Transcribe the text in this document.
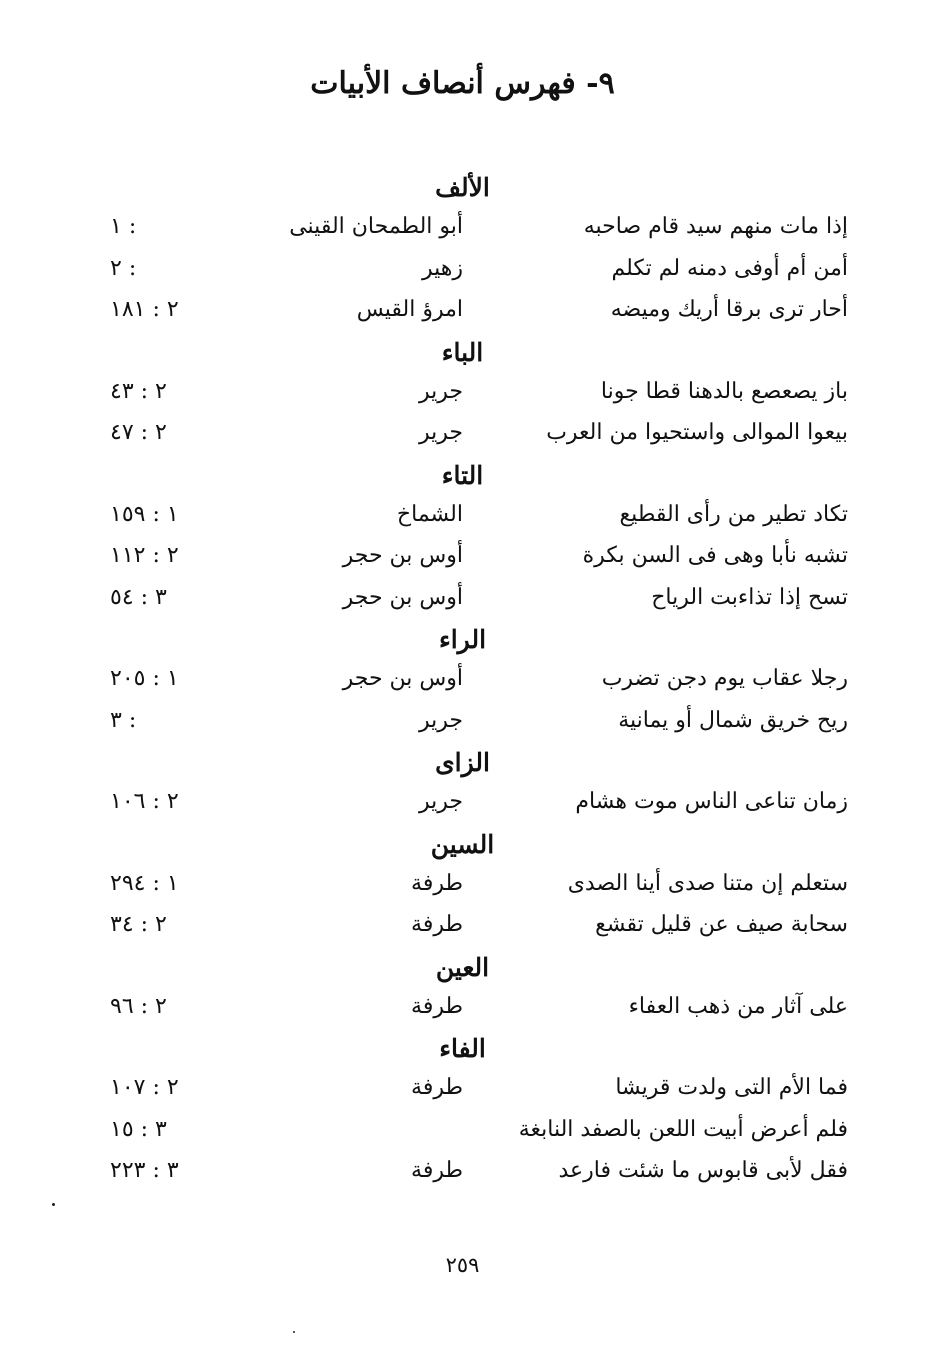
٩- فهرس أنصاف الأبيات
الألف
إذا مات منهم سيد قام صاحبه
أبو الطمحان القينى
١ :
أمن أم أوفى دمنه لم تكلم
زهير
٢ :
أحار ترى برقا أريك وميضه
امرؤ القيس
٢ : ١٨١
الباء
باز يصعصع بالدهنا قطا جونا
جرير
٢ : ٤٣
بيعوا الموالى واستحيوا من العرب
جرير
٢ : ٤٧
التاء
تكاد تطير من رأى القطيع
الشماخ
١ : ١٥٩
تشبه نأبا وهى فى السن بكرة
أوس بن حجر
٢ : ١١٢
تسح إذا تذاءبت الرياح
أوس بن حجر
٣ : ٥٤
الراء
رجلا عقاب يوم دجن تضرب
أوس بن حجر
١ : ٢٠٥
ريح خريق شمال أو يمانية
جرير
٣ :
الزاى
زمان تناعى الناس موت هشام
جرير
٢ : ١٠٦
السين
ستعلم إن متنا صدى أينا الصدى
طرفة
١ : ٢٩٤
سحابة صيف عن قليل تقشع
طرفة
٢ : ٣٤
العين
على آثار من ذهب العفاء
طرفة
٢ : ٩٦
الفاء
فما الأم التى ولدت قريشا
طرفة
٢ : ١٠٧
فلم أعرض أبيت اللعن بالصفد النابغة
٣ : ١٥
فقل لأبى قابوس ما شئت فارعد
طرفة
٣ : ٢٢٣
٢٥٩
